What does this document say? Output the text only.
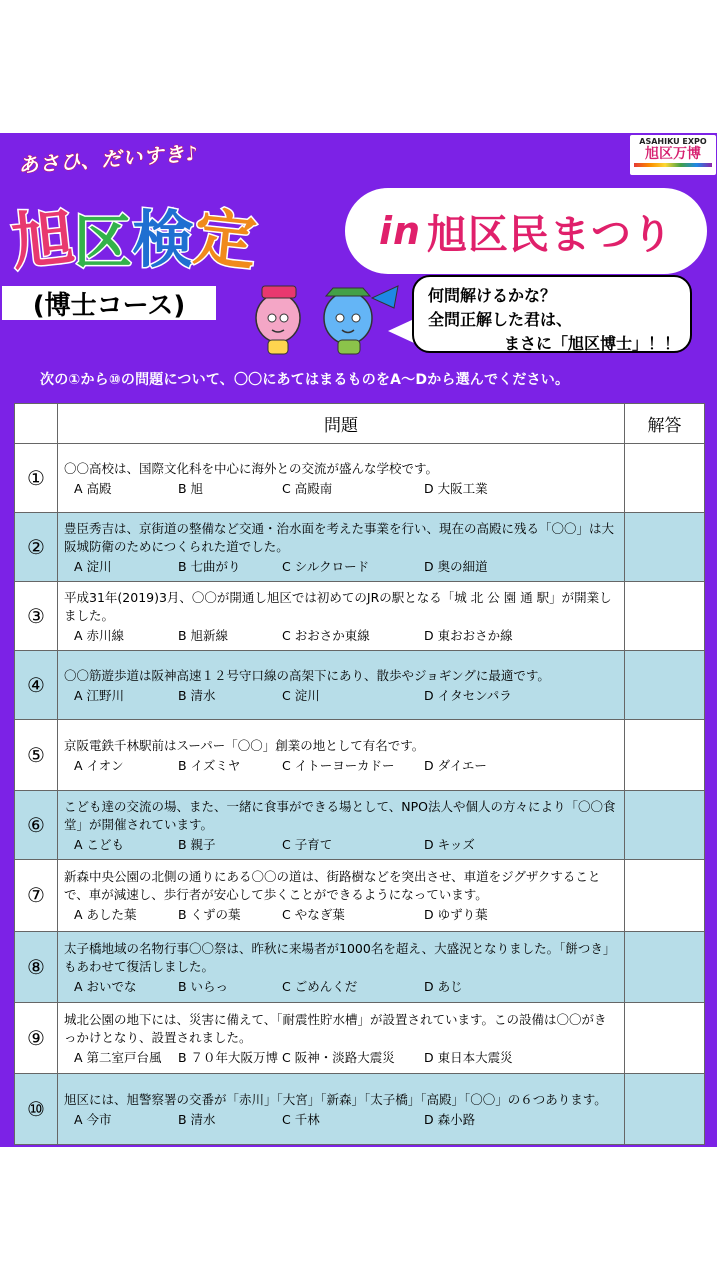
あさひ、だいすき♪
旭
区 検
定	in 旭区民まつり
ASAHIKU EXPO
旭区万博
(博士コース)	何問解けるかな？
全問正解した君は、
まさに「旭区博士」！！
次の①から⑩の問題について、〇〇にあてはまるものをA～Dから選んでください。
	問題	解答
①	〇〇高校は、国際文化科を中心に海外との交流が盛んな学校です。
A 高殿 B 旭 C 高殿南 D 大阪工業	

②	豊臣秀吉は、京街道の整備など交通・治水面を考えた事業を行い、現在の高殿に残る「〇〇」は大阪城防衛のためにつくられた道でした。
A 淀川 B 七曲がり C シルクロード D 奥の細道	

③	平成31年(2019)3月、〇〇が開通し旭区では初めてのJRの駅となる「城 北 公 園 通 駅」が開業しました。
A 赤川線 B 旭新線 C おおさか東線 D 東おおさか線	

④	〇〇筋遊歩道は阪神高速１２号守口線の高架下にあり、散歩やジョギングに最適です。
A 江野川 B 清水 C 淀川 D イタセンパラ	

⑤	京阪電鉄千林駅前はスーパー「〇〇」創業の地として有名です。
A イオン B イズミヤ C イトーヨーカドー D ダイエー	

⑥	こども達の交流の場、また、一緒に食事ができる場として、NPO法人や個人の方々により「〇〇食堂」が開催されています。
A こども B 親子 C 子育て D キッズ	

⑦	新森中央公園の北側の通りにある〇〇の道は、街路樹などを突出させ、車道をジグザクすることで、車が減速し、歩行者が安心して歩くことができるようになっています。
A あした葉 B くずの葉 C やなぎ葉 D ゆずり葉	

⑧	太子橋地域の名物行事〇〇祭は、昨秋に来場者が1000名を超え、大盛況となりました。「餅つき」もあわせて復活しました。
A おいでな B いらっ C ごめんくだ D あじ	

⑨	城北公園の地下には、災害に備えて、「耐震性貯水槽」が設置されています。この設備は〇〇がきっかけとなり、設置されました。
A 第二室戸台風 B ７０年大阪万博 C 阪神・淡路大震災 D 東日本大震災	

⑩	旭区には、旭警察署の交番が「赤川」「大宮」「新森」「太子橋」「高殿」「〇〇」の６つあります。
A 今市 B 清水 C 千林 D 森小路	
